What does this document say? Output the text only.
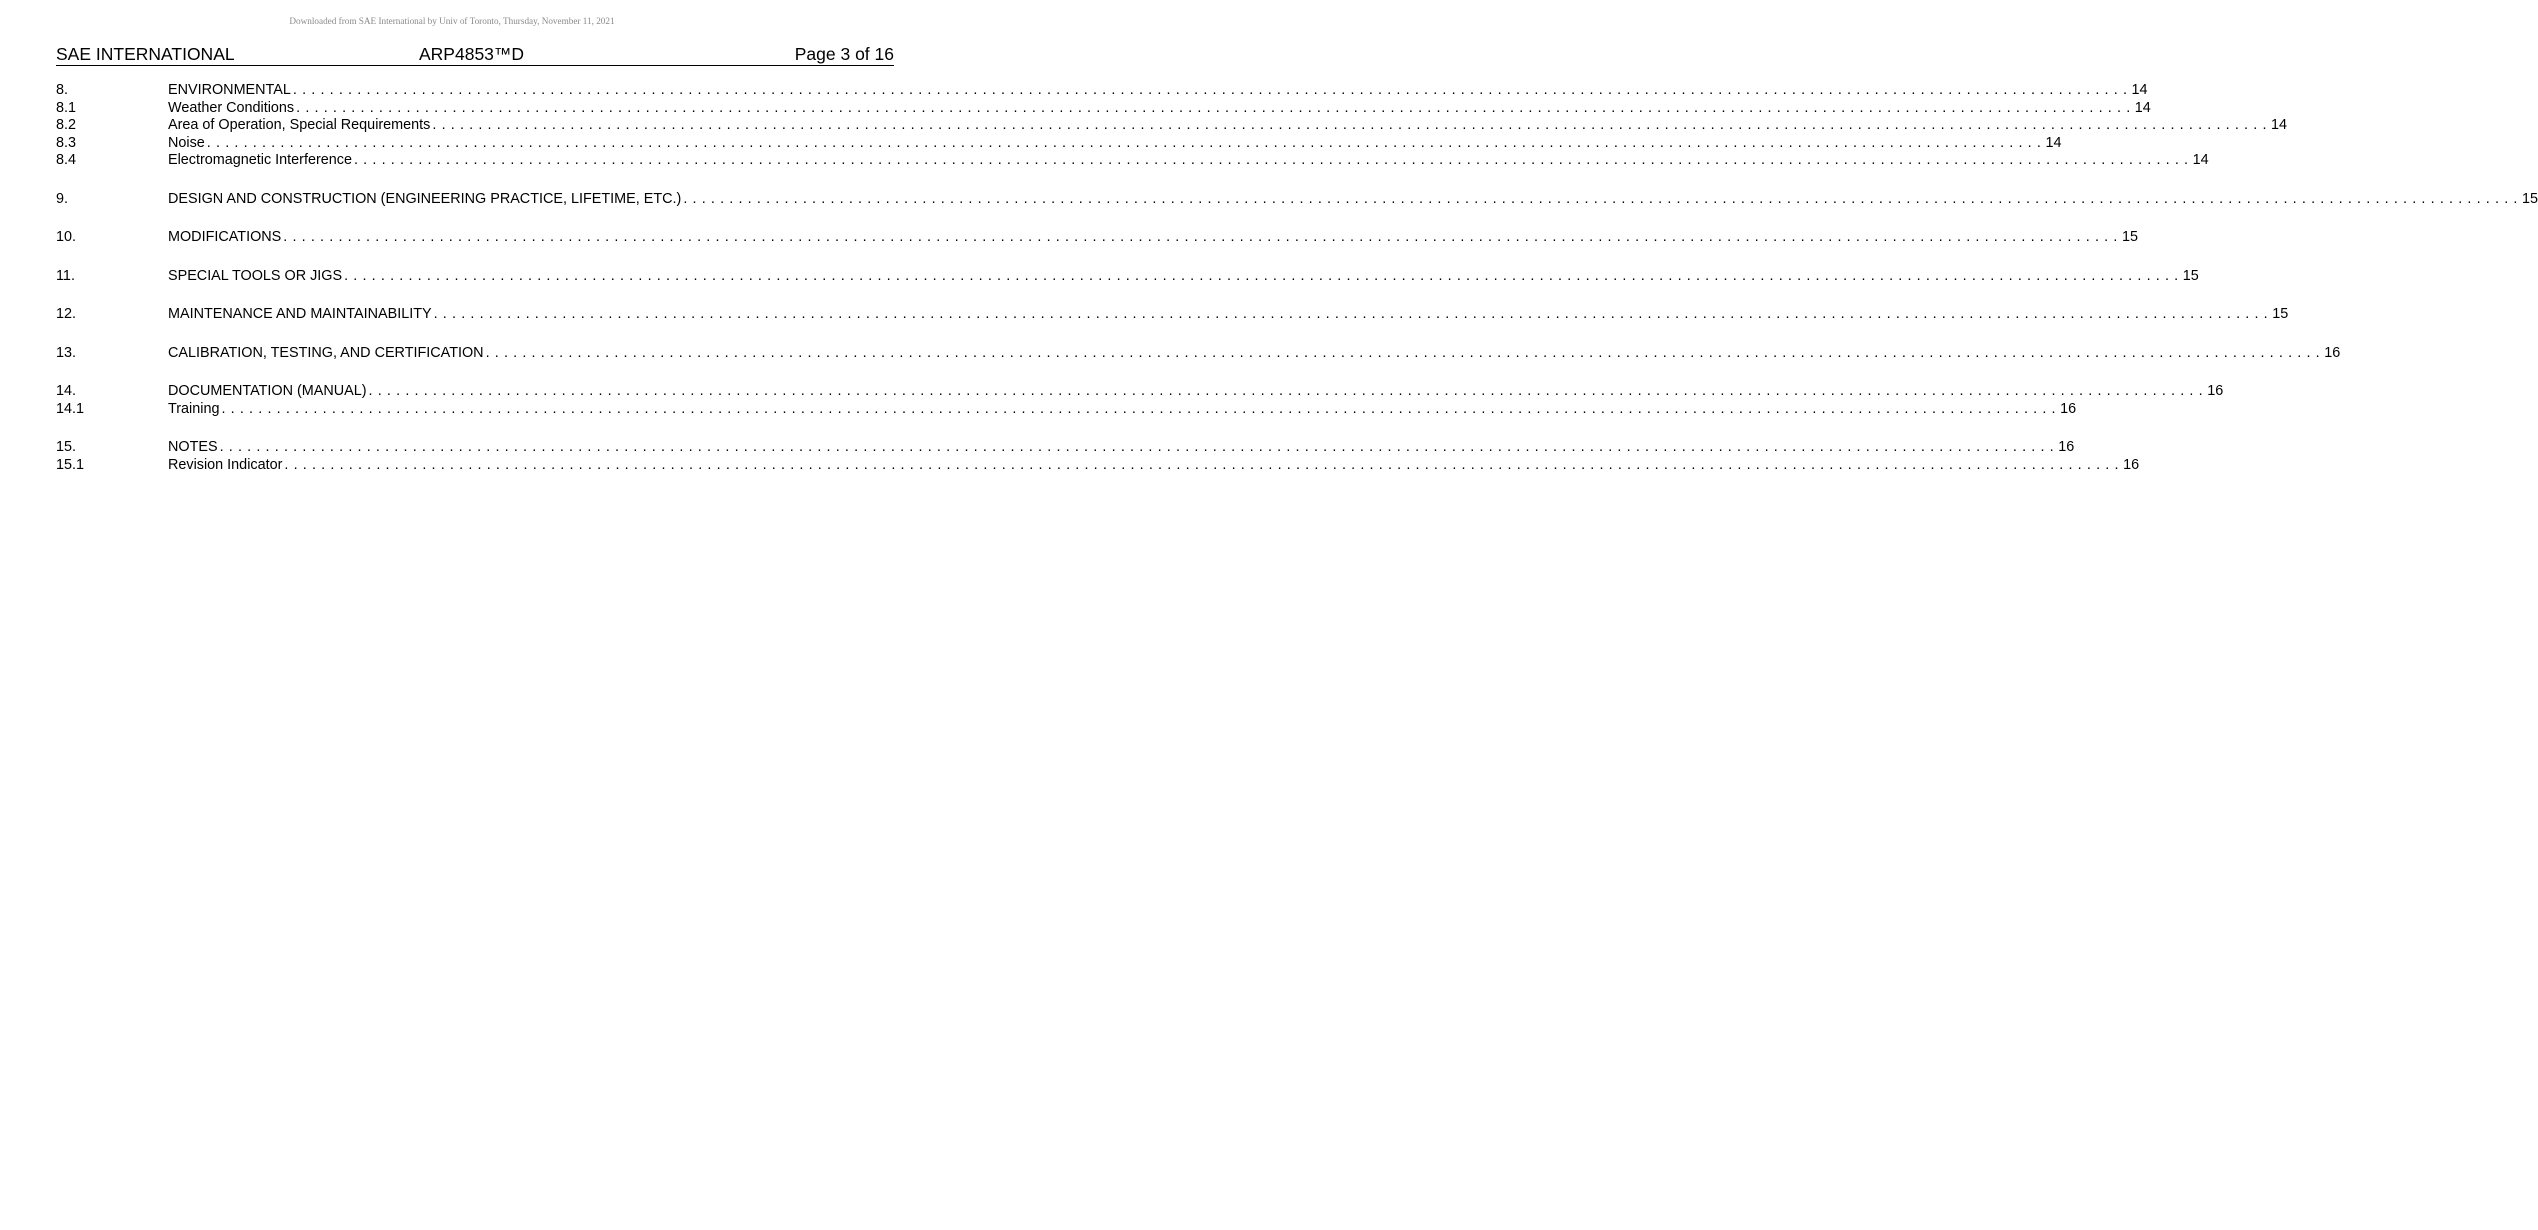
Downloaded from SAE International by Univ of Toronto, Thursday, November 11, 2021
SAE INTERNATIONAL	ARP4853™D	Page 3 of 16
8.	ENVIRONMENTAL . . . . . . . . . . . . . . . . . . . . . . . . . . . . . . . . . . . . . . . . . . . . . . . . . . . . . . . . . . . . . . . . . . . . . . . . . . . . . . . . . . . . . . . . . . . . . . . . . . . . . . . . . . . . . . . . . . . . . . . . . . . . . . . . . . . . . . . . . . . . . . . . . . . . . . . . . . . . . . . . . . . . . . . . . . . . . . . . . . . . . . . . . . . . . . . . . . . . . . . . 14
8.1	Weather Conditions . . . . . . . . . . . . . . . . . . . . . . . . . . . . . . . . . . . . . . . . . . . . . . . . . . . . . . . . . . . . . . . . . . . . . . . . . . . . . . . . . . . . . . . . . . . . . . . . . . . . . . . . . . . . . . . . . . . . . . . . . . . . . . . . . . . . . . . . . . . . . . . . . . . . . . . . . . . . . . . . . . . . . . . . . . . . . . . . . . . . . . . . . . . . . . . . . . . . . . . . 14
8.2	Area of Operation, Special Requirements . . . . . . . . . . . . . . . . . . . . . . . . . . . . . . . . . . . . . . . . . . . . . . . . . . . . . . . . . . . . . . . . . . . . . . . . . . . . . . . . . . . . . . . . . . . . . . . . . . . . . . . . . . . . . . . . . . . . . . . . . . . . . . . . . . . . . . . . . . . . . . . . . . . . . . . . . . . . . . . . . . . . . . . . . . . . . . . . . . . . . . . . . . . . . . . . . . . . . . . . 14
8.3	Noise . . . . . . . . . . . . . . . . . . . . . . . . . . . . . . . . . . . . . . . . . . . . . . . . . . . . . . . . . . . . . . . . . . . . . . . . . . . . . . . . . . . . . . . . . . . . . . . . . . . . . . . . . . . . . . . . . . . . . . . . . . . . . . . . . . . . . . . . . . . . . . . . . . . . . . . . . . . . . . . . . . . . . . . . . . . . . . . . . . . . . . . . . . . . . . . . . . . . . . . . 14
8.4	Electromagnetic Interference . . . . . . . . . . . . . . . . . . . . . . . . . . . . . . . . . . . . . . . . . . . . . . . . . . . . . . . . . . . . . . . . . . . . . . . . . . . . . . . . . . . . . . . . . . . . . . . . . . . . . . . . . . . . . . . . . . . . . . . . . . . . . . . . . . . . . . . . . . . . . . . . . . . . . . . . . . . . . . . . . . . . . . . . . . . . . . . . . . . . . . . . . . . . . . . . . . . . . . . . 14
9.	DESIGN AND CONSTRUCTION (ENGINEERING PRACTICE, LIFETIME, ETC.) . . . . . . . . . . . . . . . . . . . . . . . . . . . . . . . . . . . . . . . . . . . . . . . . . . . . . . . . . . . . . . . . . . . . . . . . . . . . . . . . . . . . . . . . . . . . . . . . . . . . . . . . . . . . . . . . . . . . . . . . . . . . . . . . . . . . . . . . . . . . . . . . . . . . . . . . . . . . . . . . . . . . . . . . . . . . . . . . . . . . . . . . . . . . . . . . . . . . . . . . 15
10.	MODIFICATIONS . . . . . . . . . . . . . . . . . . . . . . . . . . . . . . . . . . . . . . . . . . . . . . . . . . . . . . . . . . . . . . . . . . . . . . . . . . . . . . . . . . . . . . . . . . . . . . . . . . . . . . . . . . . . . . . . . . . . . . . . . . . . . . . . . . . . . . . . . . . . . . . . . . . . . . . . . . . . . . . . . . . . . . . . . . . . . . . . . . . . . . . . . . . . . . . . . . . . . . . . 15
11.	SPECIAL TOOLS OR JIGS . . . . . . . . . . . . . . . . . . . . . . . . . . . . . . . . . . . . . . . . . . . . . . . . . . . . . . . . . . . . . . . . . . . . . . . . . . . . . . . . . . . . . . . . . . . . . . . . . . . . . . . . . . . . . . . . . . . . . . . . . . . . . . . . . . . . . . . . . . . . . . . . . . . . . . . . . . . . . . . . . . . . . . . . . . . . . . . . . . . . . . . . . . . . . . . . . . . . . . . . 15
12.	MAINTENANCE AND MAINTAINABILITY . . . . . . . . . . . . . . . . . . . . . . . . . . . . . . . . . . . . . . . . . . . . . . . . . . . . . . . . . . . . . . . . . . . . . . . . . . . . . . . . . . . . . . . . . . . . . . . . . . . . . . . . . . . . . . . . . . . . . . . . . . . . . . . . . . . . . . . . . . . . . . . . . . . . . . . . . . . . . . . . . . . . . . . . . . . . . . . . . . . . . . . . . . . . . . . . . . . . . . . . 15
13.	CALIBRATION, TESTING, AND CERTIFICATION . . . . . . . . . . . . . . . . . . . . . . . . . . . . . . . . . . . . . . . . . . . . . . . . . . . . . . . . . . . . . . . . . . . . . . . . . . . . . . . . . . . . . . . . . . . . . . . . . . . . . . . . . . . . . . . . . . . . . . . . . . . . . . . . . . . . . . . . . . . . . . . . . . . . . . . . . . . . . . . . . . . . . . . . . . . . . . . . . . . . . . . . . . . . . . . . . . . . . . . . 16
14.	DOCUMENTATION (MANUAL) . . . . . . . . . . . . . . . . . . . . . . . . . . . . . . . . . . . . . . . . . . . . . . . . . . . . . . . . . . . . . . . . . . . . . . . . . . . . . . . . . . . . . . . . . . . . . . . . . . . . . . . . . . . . . . . . . . . . . . . . . . . . . . . . . . . . . . . . . . . . . . . . . . . . . . . . . . . . . . . . . . . . . . . . . . . . . . . . . . . . . . . . . . . . . . . . . . . . . . . . 16
14.1	Training . . . . . . . . . . . . . . . . . . . . . . . . . . . . . . . . . . . . . . . . . . . . . . . . . . . . . . . . . . . . . . . . . . . . . . . . . . . . . . . . . . . . . . . . . . . . . . . . . . . . . . . . . . . . . . . . . . . . . . . . . . . . . . . . . . . . . . . . . . . . . . . . . . . . . . . . . . . . . . . . . . . . . . . . . . . . . . . . . . . . . . . . . . . . . . . . . . . . . . . . 16
15.	NOTES . . . . . . . . . . . . . . . . . . . . . . . . . . . . . . . . . . . . . . . . . . . . . . . . . . . . . . . . . . . . . . . . . . . . . . . . . . . . . . . . . . . . . . . . . . . . . . . . . . . . . . . . . . . . . . . . . . . . . . . . . . . . . . . . . . . . . . . . . . . . . . . . . . . . . . . . . . . . . . . . . . . . . . . . . . . . . . . . . . . . . . . . . . . . . . . . . . . . . . . . 16
15.1	Revision Indicator . . . . . . . . . . . . . . . . . . . . . . . . . . . . . . . . . . . . . . . . . . . . . . . . . . . . . . . . . . . . . . . . . . . . . . . . . . . . . . . . . . . . . . . . . . . . . . . . . . . . . . . . . . . . . . . . . . . . . . . . . . . . . . . . . . . . . . . . . . . . . . . . . . . . . . . . . . . . . . . . . . . . . . . . . . . . . . . . . . . . . . . . . . . . . . . . . . . . . . . . 16
